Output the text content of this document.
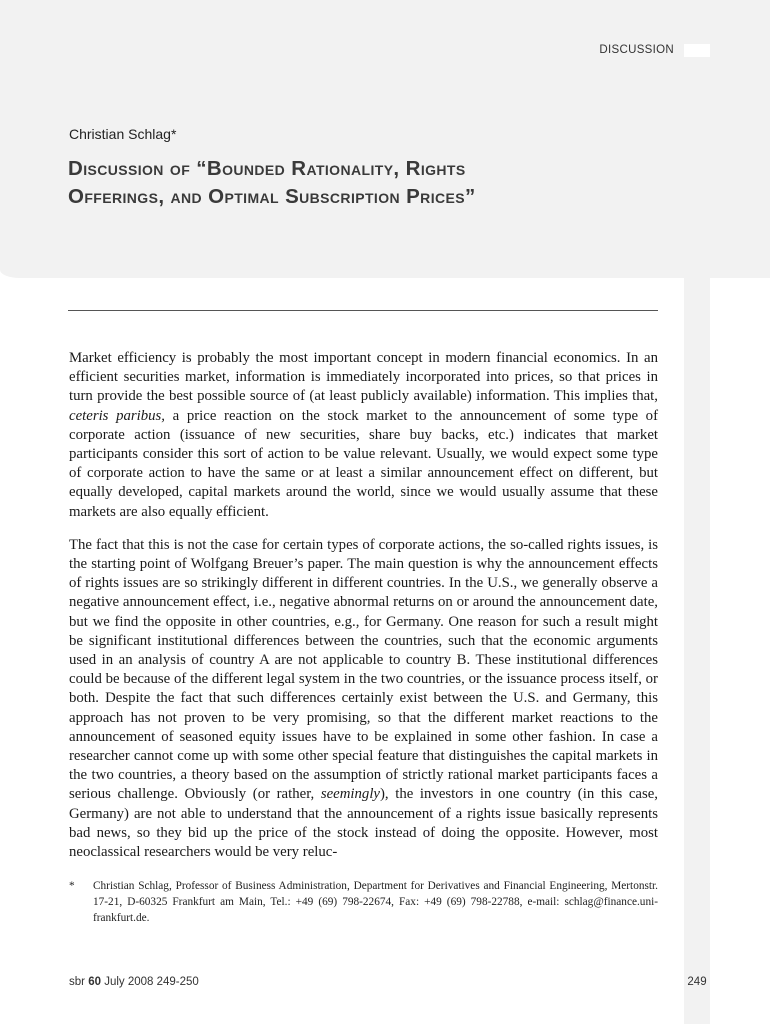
DISCUSSION
Christian Schlag*
Discussion of “Bounded Rationality, Rights
Offerings, and Optimal Subscription Prices”

Market efficiency is probably the most important concept in modern financial economics. In an efficient securities market, information is immediately incorporated into prices, so that prices in turn provide the best possible source of (at least publicly available) information. This implies that, ceteris paribus, a price reaction on the stock market to the announcement of some type of corporate action (issuance of new securities, share buy backs, etc.) indicates that market participants consider this sort of action to be value relevant. Usually, we would expect some type of corporate action to have the same or at least a similar announcement effect on different, but equally developed, capital markets around the world, since we would usually assume that these markets are also equally efficient.

The fact that this is not the case for certain types of corporate actions, the so-called rights issues, is the starting point of Wolfgang Breuer’s paper. The main question is why the announcement effects of rights issues are so strikingly different in different countries. In the U.S., we generally observe a negative announcement effect, i.e., negative abnormal returns on or around the announcement date, but we find the opposite in other countries, e.g., for Germany. One reason for such a result might be significant institutional differences between the countries, such that the economic arguments used in an analysis of country A are not applicable to country B. These institutional differences could be because of the different legal system in the two countries, or the issuance process itself, or both. Despite the fact that such differences certainly exist between the U.S. and Germany, this approach has not proven to be very promising, so that the different market reactions to the announcement of seasoned equity issues have to be explained in some other fashion. In case a researcher cannot come up with some other special feature that distinguishes the capital markets in the two countries, a theory based on the assumption of strictly rational market participants faces a serious challenge. Obviously (or rather, seemingly), the investors in one country (in this case, Germany) are not able to understand that the announcement of a rights issue basically represents bad news, so they bid up the price of the stock instead of doing the opposite. However, most neoclassical researchers would be very reluc-

*	Christian Schlag, Professor of Business Administration, Department for Derivatives and Financial Engineering, Mertonstr. 17-21, D-60325 Frankfurt am Main, Tel.: +49 (69) 798-22674, Fax: +49 (69) 798-22788, e-mail: schlag@finance.uni-frankfurt.de.
sbr 60 July 2008 249-250	249
